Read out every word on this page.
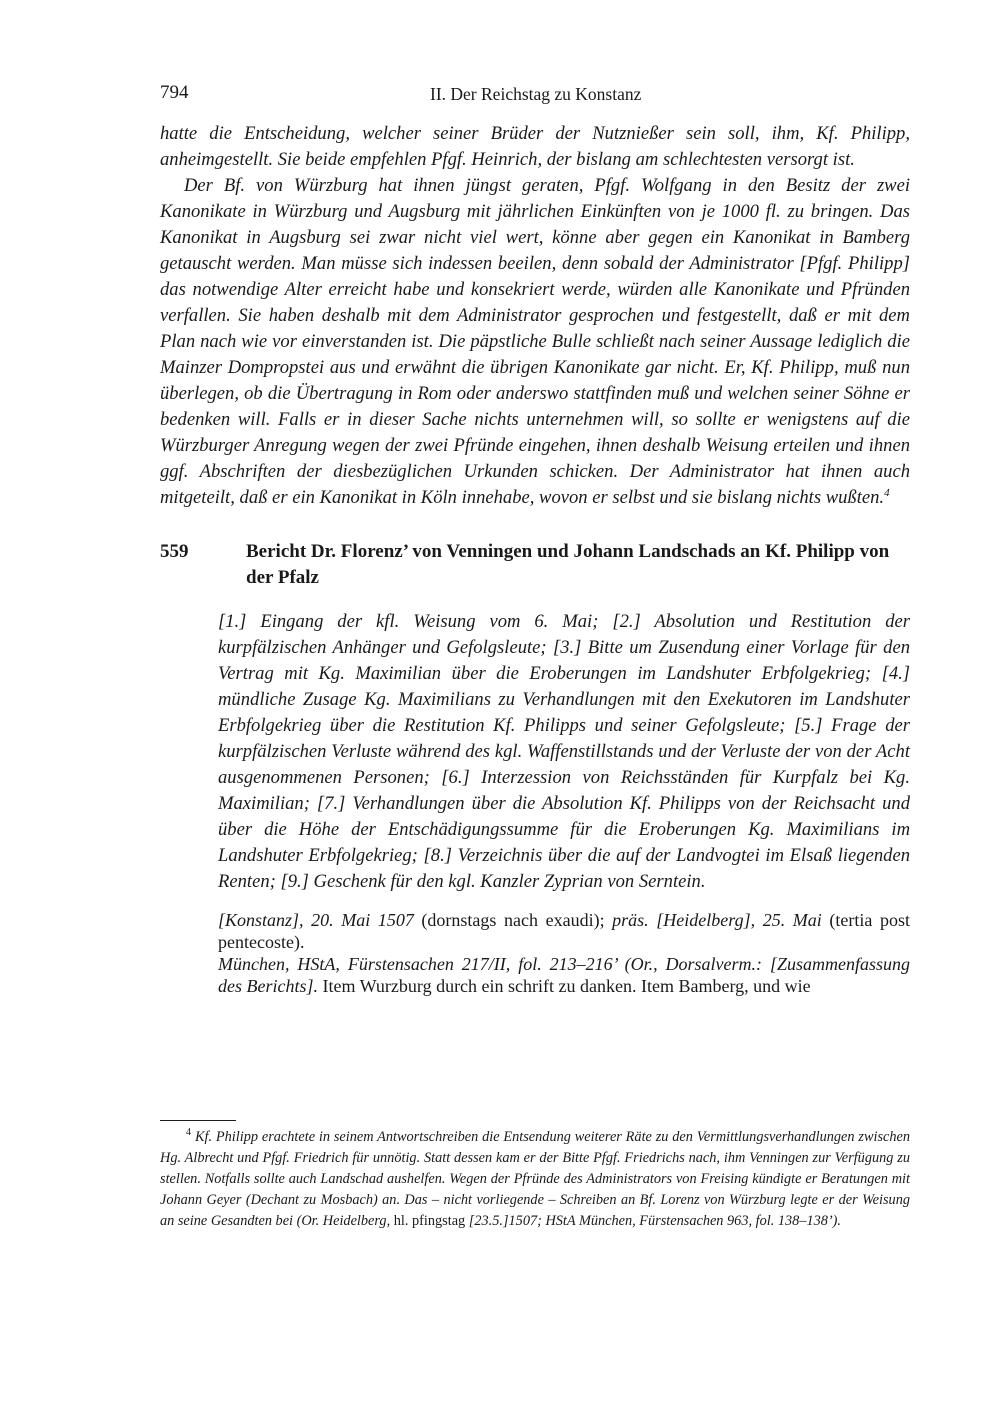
794	II. Der Reichstag zu Konstanz

hatte die Entscheidung, welcher seiner Brüder der Nutznießer sein soll, ihm, Kf. Philipp, anheimgestellt. Sie beide empfehlen Pfgf. Heinrich, der bislang am schlechtesten versorgt ist.

Der Bf. von Würzburg hat ihnen jüngst geraten, Pfgf. Wolfgang in den Besitz der zwei Kanonikate in Würzburg und Augsburg mit jährlichen Einkünften von je 1000 fl. zu bringen. Das Kanonikat in Augsburg sei zwar nicht viel wert, könne aber gegen ein Kanonikat in Bamberg getauscht werden. Man müsse sich indessen beeilen, denn sobald der Administrator [Pfgf. Philipp] das notwendige Alter erreicht habe und konsekriert werde, würden alle Kanonikate und Pfründen verfallen. Sie haben deshalb mit dem Administrator gesprochen und festgestellt, daß er mit dem Plan nach wie vor einverstanden ist. Die päpstliche Bulle schließt nach seiner Aussage lediglich die Mainzer Dompropstei aus und erwähnt die übrigen Kanonikate gar nicht. Er, Kf. Philipp, muß nun überlegen, ob die Übertragung in Rom oder anderswo stattfinden muß und welchen seiner Söhne er bedenken will. Falls er in dieser Sache nichts unternehmen will, so sollte er wenigstens auf die Würzburger Anregung wegen der zwei Pfründe eingehen, ihnen deshalb Weisung erteilen und ihnen ggf. Abschriften der diesbezüglichen Urkunden schicken. Der Administrator hat ihnen auch mitgeteilt, daß er ein Kanonikat in Köln innehabe, wovon er selbst und sie bislang nichts wußten.$^4$

559	Bericht Dr. Florenz’ von Venningen und Johann Landschads an Kf. Philipp von der Pfalz
[1.] Eingang der kfl. Weisung vom 6. Mai; [2.] Absolution und Restitution der kurpfälzischen Anhänger und Gefolgsleute; [3.] Bitte um Zusendung einer Vorlage für den Vertrag mit Kg. Maximilian über die Eroberungen im Landshuter Erbfolgekrieg; [4.] mündliche Zusage Kg. Maximilians zu Verhandlungen mit den Exekutoren im Landshuter Erbfolgekrieg über die Restitution Kf. Philipps und seiner Gefolgsleute; [5.] Frage der kurpfälzischen Verluste während des kgl. Waffenstillstands und der Verluste der von der Acht ausgenommenen Personen; [6.] Interzession von Reichsständen für Kurpfalz bei Kg. Maximilian; [7.] Verhandlungen über die Absolution Kf. Philipps von der Reichsacht und über die Höhe der Entschädigungssumme für die Eroberungen Kg. Maximilians im Landshuter Erbfolgekrieg; [8.] Verzeichnis über die auf der Landvogtei im Elsaß liegenden Renten; [9.] Geschenk für den kgl. Kanzler Zyprian von Serntein.

[Konstanz], 20. Mai 1507 (dornstags nach exaudi); präs. [Heidelberg], 25. Mai (tertia post pentecoste).

München, HStA, Fürstensachen 217/II, fol. 213–216’ (Or., Dorsalverm.: [Zusammenfassung des Berichts]. Item Wurzburg durch ein schrift zu danken. Item Bamberg, und wie

$^4$ Kf. Philipp erachtete in seinem Antwortschreiben die Entsendung weiterer Räte zu den Vermittlungsverhandlungen zwischen Hg. Albrecht und Pfgf. Friedrich für unnötig. Statt dessen kam er der Bitte Pfgf. Friedrichs nach, ihm Venningen zur Verfügung zu stellen. Notfalls sollte auch Landschad aushelfen. Wegen der Pfründe des Administrators von Freising kündigte er Beratungen mit Johann Geyer (Dechant zu Mosbach) an. Das – nicht vorliegende – Schreiben an Bf. Lorenz von Würzburg legte er der Weisung an seine Gesandten bei (Or. Heidelberg, hl. pfingstag [23.5.]1507; HStA München, Fürstensachen 963, fol. 138–138’).
